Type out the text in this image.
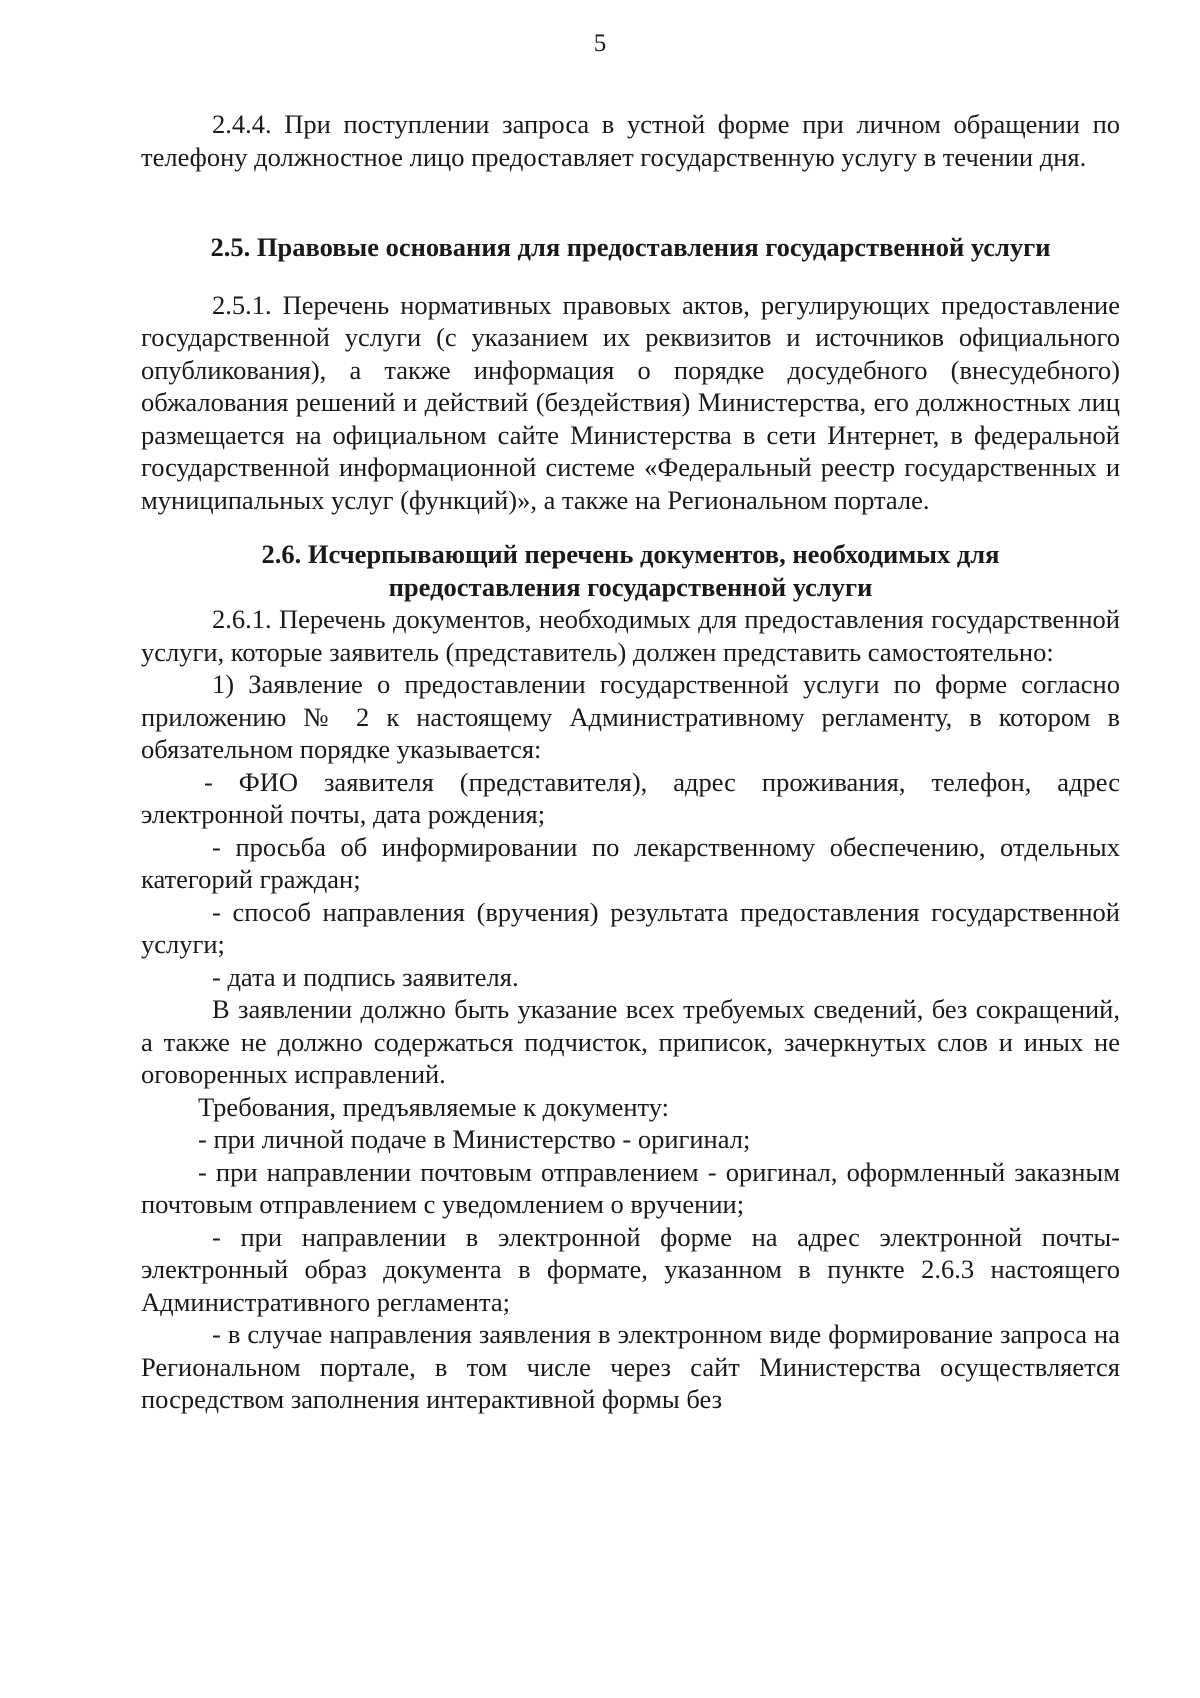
5

2.4.4. При поступлении запроса в устной форме при личном обращении по телефону должностное лицо предоставляет государственную услугу в течении дня.

2.5. Правовые основания для предоставления государственной услуги

2.5.1. Перечень нормативных правовых актов, регулирующих предоставление государственной услуги (с указанием их реквизитов и источников официального опубликования), а также информация о порядке досудебного (внесудебного) обжалования решений и действий (бездействия) Министерства, его должностных лиц размещается на официальном сайте Министерства в сети Интернет, в федеральной государственной информационной системе «Федеральный реестр государственных и муниципальных услуг (функций)», а также на Региональном портале.

2.6. Исчерпывающий перечень документов, необходимых для
предоставления государственной услуги

2.6.1. Перечень документов, необходимых для предоставления государственной услуги, которые заявитель (представитель) должен представить самостоятельно:

1) Заявление о предоставлении государственной услуги по форме согласно приложению № 2 к настоящему Административному регламенту, в котором в обязательном порядке указывается:

- ФИО заявителя (представителя), адрес проживания, телефон, адрес электронной почты, дата рождения;

- просьба об информировании по лекарственному обеспечению, отдельных категорий граждан;

- способ направления (вручения) результата предоставления государственной услуги;

- дата и подпись заявителя.

В заявлении должно быть указание всех требуемых сведений, без сокращений, а также не должно содержаться подчисток, приписок, зачеркнутых слов и иных не оговоренных исправлений.

Требования, предъявляемые к документу:

- при личной подаче в Министерство - оригинал;

- при направлении почтовым отправлением - оригинал, оформленный заказным почтовым отправлением с уведомлением о вручении;

- при направлении в электронной форме на адрес электронной почты- электронный образ документа в формате, указанном в пункте 2.6.3 настоящего Административного регламента;

- в случае направления заявления в электронном виде формирование запроса на Региональном портале, в том числе через сайт Министерства осуществляется посредством заполнения интерактивной формы без
